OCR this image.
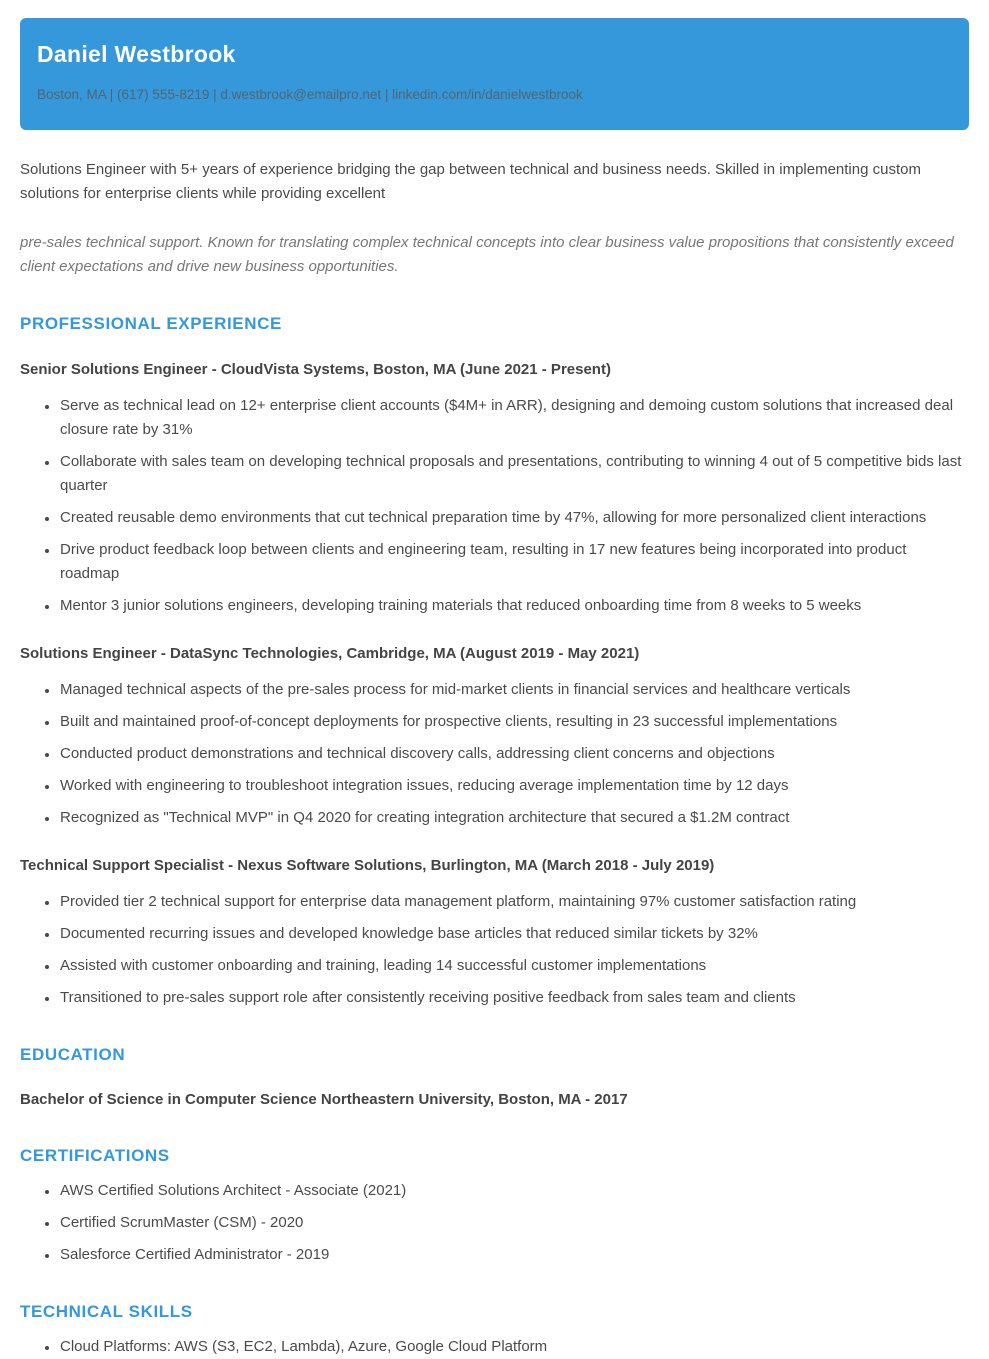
Daniel Westbrook
Boston, MA | (617) 555-8219 | d.westbrook@emailpro.net | linkedin.com/in/danielwestbrook

Solutions Engineer with 5+ years of experience bridging the gap between technical and business needs. Skilled in implementing custom solutions for enterprise clients while providing excellent

pre-sales technical support. Known for translating complex technical concepts into clear business value propositions that consistently exceed client expectations and drive new business opportunities.

PROFESSIONAL EXPERIENCE
Senior Solutions Engineer - CloudVista Systems, Boston, MA (June 2021 - Present)
• Serve as technical lead on 12+ enterprise client accounts ($4M+ in ARR), designing and demoing custom solutions that increased deal closure rate by 31%
• Collaborate with sales team on developing technical proposals and presentations, contributing to winning 4 out of 5 competitive bids last quarter
• Created reusable demo environments that cut technical preparation time by 47%, allowing for more personalized client interactions
• Drive product feedback loop between clients and engineering team, resulting in 17 new features being incorporated into product roadmap
• Mentor 3 junior solutions engineers, developing training materials that reduced onboarding time from 8 weeks to 5 weeks
Solutions Engineer - DataSync Technologies, Cambridge, MA (August 2019 - May 2021)
• Managed technical aspects of the pre-sales process for mid-market clients in financial services and healthcare verticals
• Built and maintained proof-of-concept deployments for prospective clients, resulting in 23 successful implementations
• Conducted product demonstrations and technical discovery calls, addressing client concerns and objections
• Worked with engineering to troubleshoot integration issues, reducing average implementation time by 12 days
• Recognized as "Technical MVP" in Q4 2020 for creating integration architecture that secured a $1.2M contract
Technical Support Specialist - Nexus Software Solutions, Burlington, MA (March 2018 - July 2019)
• Provided tier 2 technical support for enterprise data management platform, maintaining 97% customer satisfaction rating
• Documented recurring issues and developed knowledge base articles that reduced similar tickets by 32%
• Assisted with customer onboarding and training, leading 14 successful customer implementations
• Transitioned to pre-sales support role after consistently receiving positive feedback from sales team and clients
EDUCATION
Bachelor of Science in Computer Science Northeastern University, Boston, MA - 2017
CERTIFICATIONS
• AWS Certified Solutions Architect - Associate (2021)
• Certified ScrumMaster (CSM) - 2020
• Salesforce Certified Administrator - 2019
TECHNICAL SKILLS
• Cloud Platforms: AWS (S3, EC2, Lambda), Azure, Google Cloud Platform
